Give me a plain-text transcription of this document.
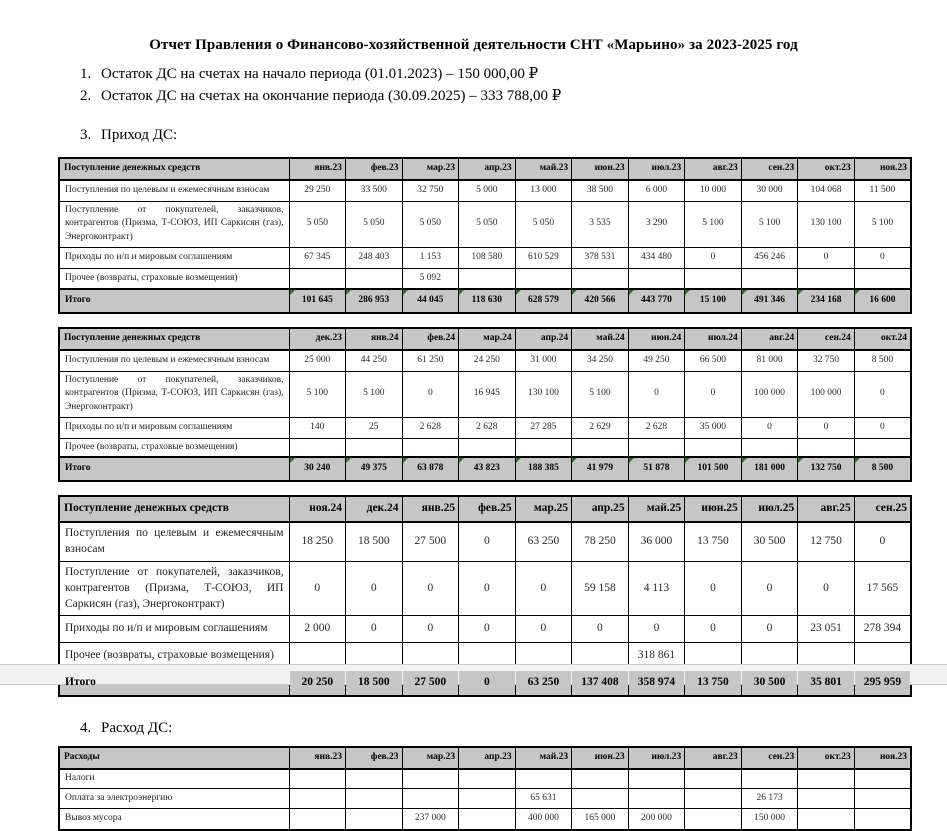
Отчет Правления о Финансово-хозяйственной деятельности СНТ «Марьино» за 2023-2025 год
1. Остаток ДС на счетах на начало периода (01.01.2023) – 150 000,00 ₽
2. Остаток ДС на счетах на окончание периода (30.09.2025) – 333 788,00 ₽
3. Приход ДС:
Поступление денежных средств	янв.23	фев.23	мар.23	апр.23	май.23	июн.23	июл.23	авг.23	сен.23	окт.23	ноя.23
Поступления по целевым и ежемесячным взносам	29 250	33 500	32 750	5 000	13 000	38 500	6 000	10 000	30 000	104 068	11 500
Поступление от покупателей, заказчиков, контрагентов (Призма, Т-СОЮЗ, ИП Саркисян (газ), Энергоконтракт)	5 050	5 050	5 050	5 050	5 050	3 535	3 290	5 100	5 100	130 100	5 100
Приходы по и/п и мировым соглашениям	67 345	248 403	1 153	108 580	610 529	378 531	434 480	0	456 246	0	0
Прочее (возвраты, страховые возмещения)			5 092								
Итого	101 645	286 953	44 045	118 630	628 579	420 566	443 770	15 100	491 346	234 168	16 600
Поступление денежных средств	дек.23	янв.24	фев.24	мар.24	апр.24	май.24	июн.24	июл.24	авг.24	сен.24	окт.24
Поступления по целевым и ежемесячным взносам	25 000	44 250	61 250	24 250	31 000	34 250	49 250	66 500	81 000	32 750	8 500
Поступление от покупателей, заказчиков, контрагентов (Призма, Т-СОЮЗ, ИП Саркисян (газ), Энергоконтракт)	5 100	5 100	0	16 945	130 100	5 100	0	0	100 000	100 000	0
Приходы по и/п и мировым соглашениям	140	25	2 628	2 628	27 285	2 629	2 628	35 000	0	0	0
Прочее (возвраты, страховые возмещения)											
Итого	30 240	49 375	63 878	43 823	188 385	41 979	51 878	101 500	181 000	132 750	8 500
Поступление денежных средств	ноя.24	дек.24	янв.25	фев.25	мар.25	апр.25	май.25	июн.25	июл.25	авг.25	сен.25
Поступления по целевым и ежемесячным взносам	18 250	18 500	27 500	0	63 250	78 250	36 000	13 750	30 500	12 750	0
Поступление от покупателей, заказчиков, контрагентов (Призма, Т-СОЮЗ, ИП Саркисян (газ), Энергоконтракт)	0	0	0	0	0	59 158	4 113	0	0	0	17 565
Приходы по и/п и мировым соглашениям	2 000	0	0	0	0	0	0	0	0	23 051	278 394
Прочее (возвраты, страховые возмещения)							318 861				
Итого	20 250	18 500	27 500	0	63 250	137 408	358 974	13 750	30 500	35 801	295 959
4. Расход ДС:
Расходы	янв.23	фев.23	мар.23	апр.23	май.23	июн.23	июл.23	авг.23	сен.23	окт.23	ноя.23
Налоги											
Оплата за электроэнергию					65 631				26 173		
Вывоз мусора			237 000		400 000	165 000	200 000		150 000		
